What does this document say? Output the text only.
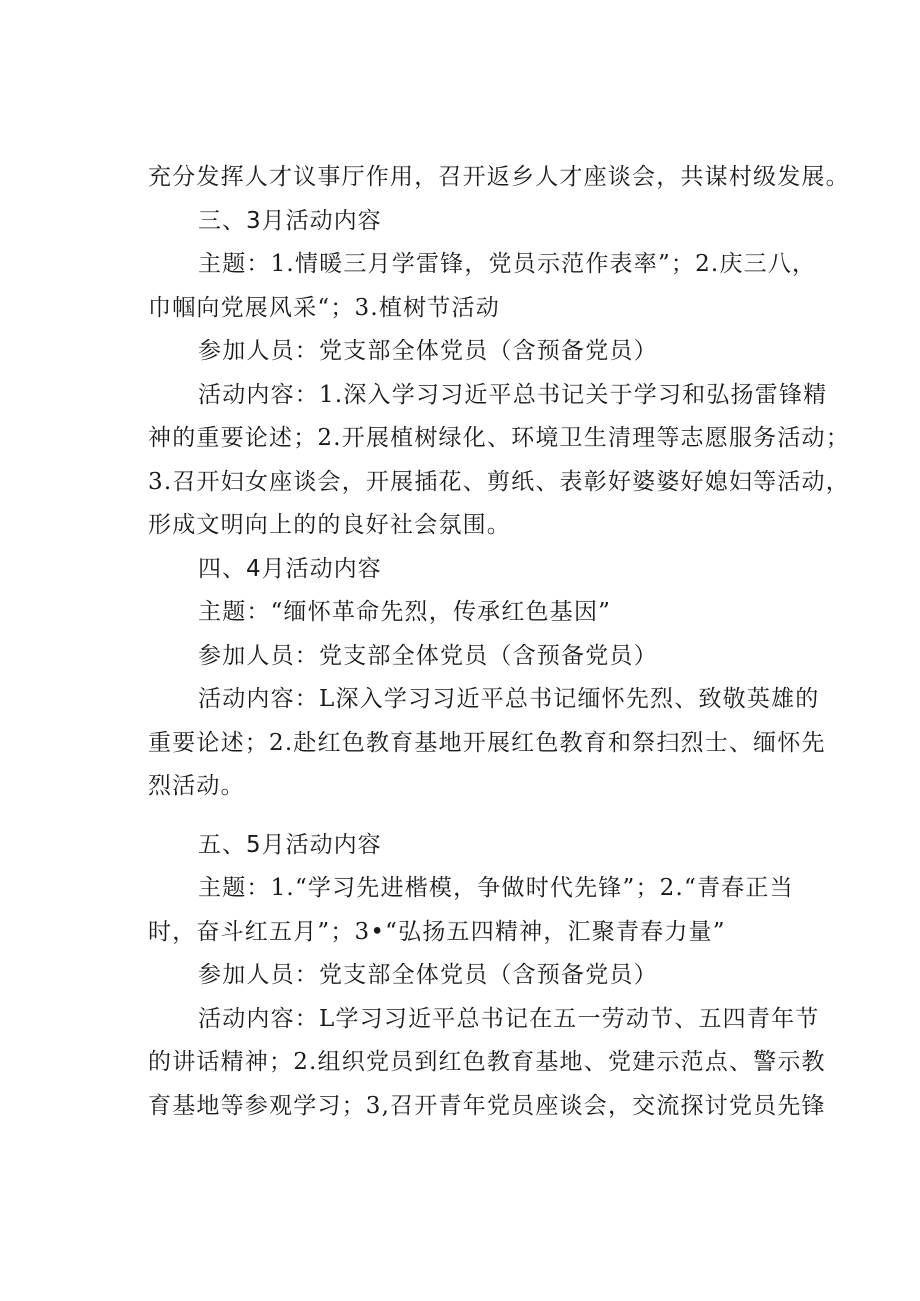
充分发挥人才议事厅作用，召开返乡人才座谈会，共谋村级发展。
三、3月活动内容
主题：1.情暖三月学雷锋，党员示范作表率”；2.庆三八，
巾帼向党展风采“；3.植树节活动
参加人员：党支部全体党员（含预备党员）
活动内容：1.深入学习习近平总书记关于学习和弘扬雷锋精
神的重要论述；2.开展植树绿化、环境卫生清理等志愿服务活动；
3.召开妇女座谈会，开展插花、剪纸、表彰好婆婆好媳妇等活动，
形成文明向上的的良好社会氛围。
四、4月活动内容
主题：“缅怀革命先烈，传承红色基因”
参加人员：党支部全体党员（含预备党员）
活动内容：L深入学习习近平总书记缅怀先烈、致敬英雄的
重要论述；2.赴红色教育基地开展红色教育和祭扫烈士、缅怀先
烈活动。
五、5月活动内容
主题：1.“学习先进楷模，争做时代先锋”；2.“青春正当
时，奋斗红五月”；3•“弘扬五四精神，汇聚青春力量”
参加人员：党支部全体党员（含预备党员）
活动内容：L学习习近平总书记在五一劳动节、五四青年节
的讲话精神；2.组织党员到红色教育基地、党建示范点、警示教
育基地等参观学习；3,召开青年党员座谈会，交流探讨党员先锋
